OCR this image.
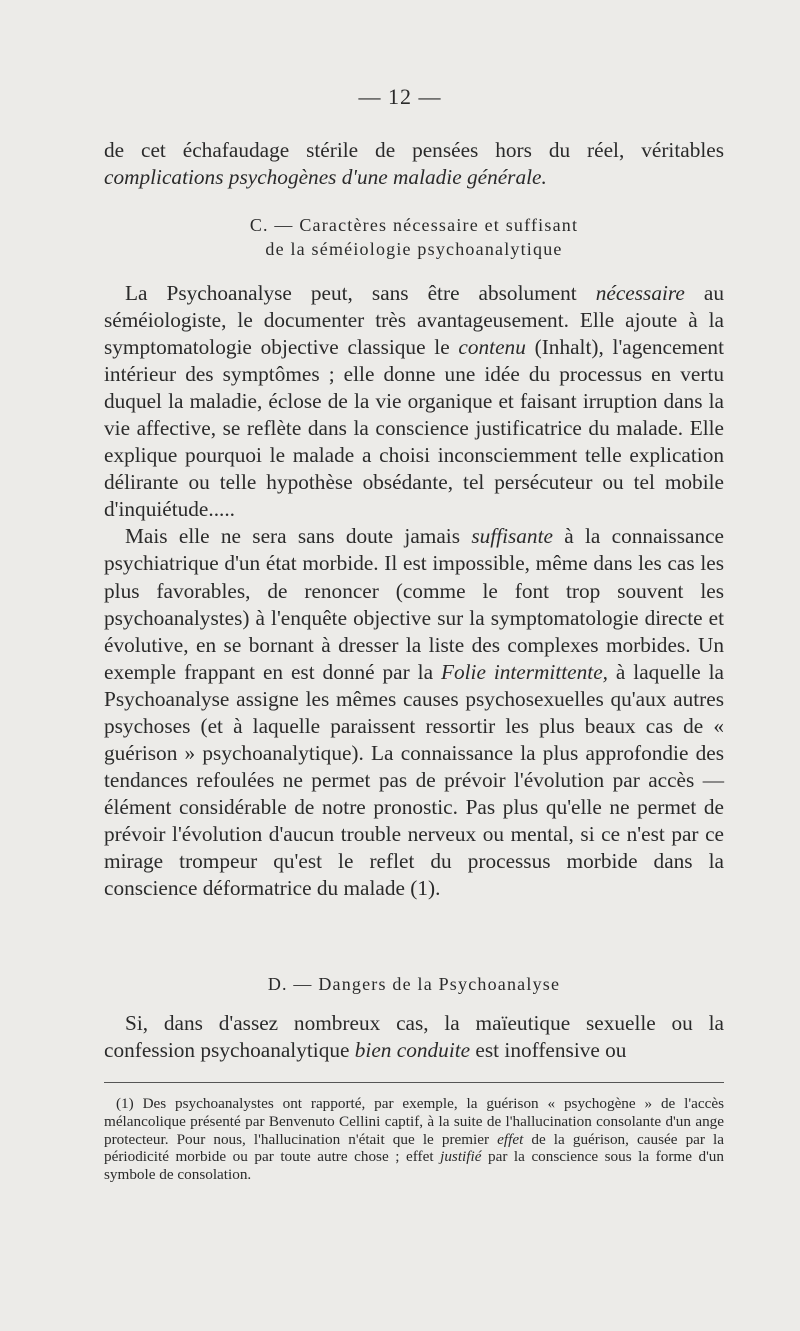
— 12 —

de cet échafaudage stérile de pensées hors du réel, véritables complications psychogènes d'une maladie générale.

C. — Caractères nécessaire et suffisant
de la séméiologie psychoanalytique

La Psychoanalyse peut, sans être absolument nécessaire au séméiologiste, le documenter très avantageusement. Elle ajoute à la symptomatologie objective classique le contenu (Inhalt), l'agencement intérieur des symptômes ; elle donne une idée du processus en vertu duquel la maladie, éclose de la vie organique et faisant irruption dans la vie affective, se reflète dans la conscience justificatrice du malade. Elle explique pourquoi le malade a choisi inconsciemment telle explication délirante ou telle hypothèse obsédante, tel persécuteur ou tel mobile d'inquiétude.....

Mais elle ne sera sans doute jamais suffisante à la connaissance psychiatrique d'un état morbide. Il est impossible, même dans les cas les plus favorables, de renoncer (comme le font trop souvent les psychoanalystes) à l'enquête objective sur la symptomatologie directe et évolutive, en se bornant à dresser la liste des complexes morbides. Un exemple frappant en est donné par la Folie intermittente, à laquelle la Psychoanalyse assigne les mêmes causes psychosexuelles qu'aux autres psychoses (et à laquelle paraissent ressortir les plus beaux cas de « guérison » psychoanalytique). La connaissance la plus approfondie des tendances refoulées ne permet pas de prévoir l'évolution par accès — élément considérable de notre pronostic. Pas plus qu'elle ne permet de prévoir l'évolution d'aucun trouble nerveux ou mental, si ce n'est par ce mirage trompeur qu'est le reflet du processus morbide dans la conscience déformatrice du malade (1).

D. — Dangers de la Psychoanalyse

Si, dans d'assez nombreux cas, la maïeutique sexuelle ou la confession psychoanalytique bien conduite est inoffensive ou

(1) Des psychoanalystes ont rapporté, par exemple, la guérison « psychogène » de l'accès mélancolique présenté par Benvenuto Cellini captif, à la suite de l'hallucination consolante d'un ange protecteur. Pour nous, l'hallucination n'était que le premier effet de la guérison, causée par la périodicité morbide ou par toute autre chose ; effet justifié par la conscience sous la forme d'un symbole de consolation.
